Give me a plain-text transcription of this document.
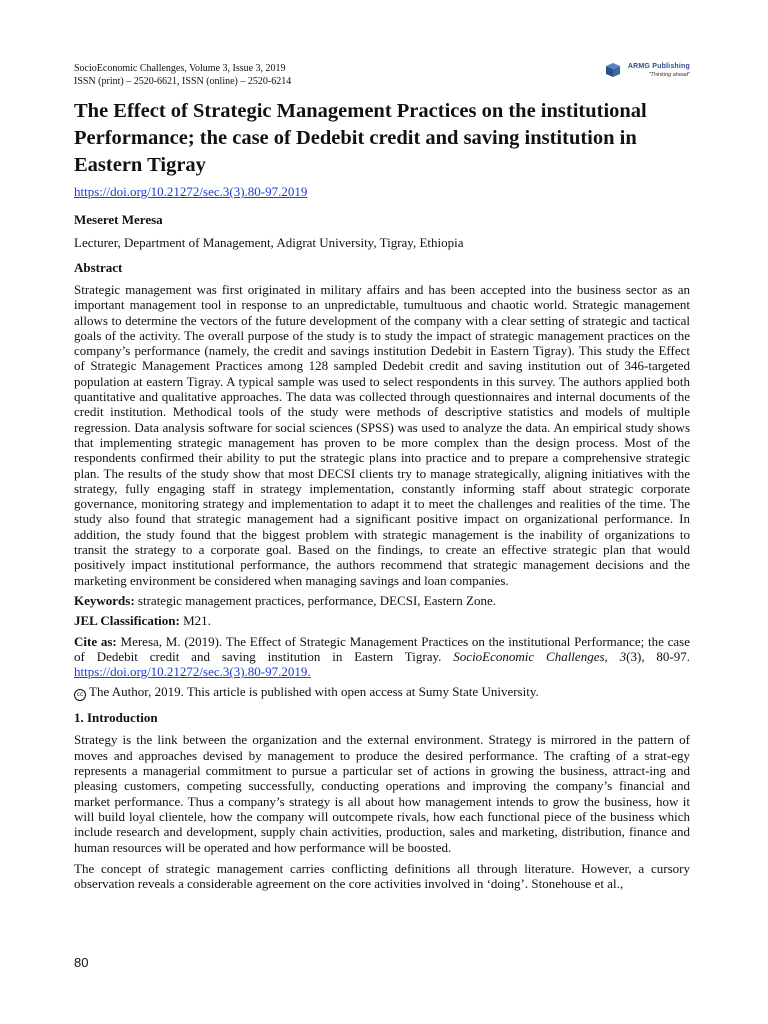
SocioEconomic Challenges, Volume 3, Issue 3, 2019
ISSN (print) – 2520-6621, ISSN (online) – 2520-6214
ARMG Publishing
"Thinking ahead"
The Effect of Strategic Management Practices on the institutional Performance; the case of Dedebit credit and saving institution in Eastern Tigray
https://doi.org/10.21272/sec.3(3).80-97.2019
Meseret Meresa
Lecturer, Department of Management, Adigrat University, Tigray, Ethiopia
Abstract

Strategic management was first originated in military affairs and has been accepted into the business sector as an important management tool in response to an unpredictable, tumultuous and chaotic world. Strategic management allows to determine the vectors of the future development of the company with a clear setting of strategic and tactical goals of the activity. The overall purpose of the study is to study the impact of strategic management practices on the company’s performance (namely, the credit and savings institution Dedebit in Eastern Tigray). This study the Effect of Strategic Management Practices among 128 sampled Dedebit credit and saving institution out of 346-targeted population at eastern Tigray. A typical sample was used to select respondents in this survey. The authors applied both quantitative and qualitative approaches. The data was collected through questionnaires and internal documents of the credit institution. Methodical tools of the study were methods of descriptive statistics and models of multiple regression. Data analysis software for social sciences (SPSS) was used to analyze the data. An empirical study shows that implementing strategic management has proven to be more complex than the design process. Most of the respondents confirmed their ability to put the strategic plans into practice and to prepare a comprehensive strategic plan. The results of the study show that most DECSI clients try to manage strategically, aligning initiatives with the strategy, fully engaging staff in strategy implementation, constantly informing staff about strategic corporate governance, monitoring strategy and implementation to adapt it to meet the challenges and realities of the time. The study also found that strategic management had a significant positive impact on organizational performance. In addition, the study found that the biggest problem with strategic management is the inability of organizations to transit the strategy to a corporate goal. Based on the findings, to create an effective strategic plan that would positively impact institutional performance, the authors recommend that strategic management decisions and the marketing environment be considered when managing savings and loan companies.

Keywords: strategic management practices, performance, DECSI, Eastern Zone.
JEL Classification: M21.
Cite as: Meresa, M. (2019). The Effect of Strategic Management Practices on the institutional Performance; the case of Dedebit credit and saving institution in Eastern Tigray. SocioEconomic Challenges, 3(3), 80-97. https://doi.org/10.21272/sec.3(3).80-97.2019.
cc The Author, 2019. This article is published with open access at Sumy State University.
1. Introduction

Strategy is the link between the organization and the external environment. Strategy is mirrored in the pattern of moves and approaches devised by management to produce the desired performance. The crafting of a strat-egy represents a managerial commitment to pursue a particular set of actions in growing the business, attract-ing and pleasing customers, competing successfully, conducting operations and improving the company’s financial and market performance. Thus a company’s strategy is all about how management intends to grow the business, how it will build loyal clientele, how the company will outcompete rivals, how each functional piece of the business which include research and development, supply chain activities, production, sales and marketing, distribution, finance and human resources will be operated and how performance will be boosted.

The concept of strategic management carries conflicting definitions all through literature. However, a cursory observation reveals a considerable agreement on the core activities involved in ‘doing’. Stonehouse et al.,

80
